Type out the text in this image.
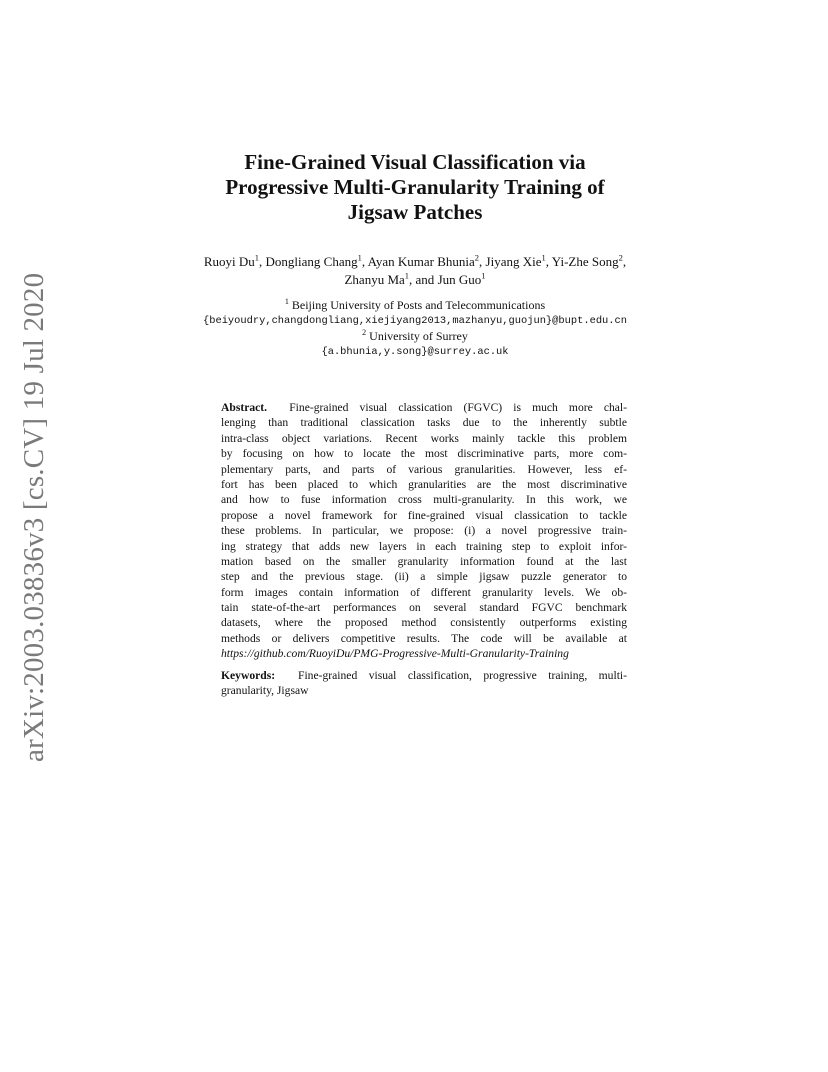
arXiv:2003.03836v3 [cs.CV] 19 Jul 2020
Fine-Grained Visual Classification via
Progressive Multi-Granularity Training of
Jigsaw Patches
Ruoyi Du$^1$, Dongliang Chang$^1$, Ayan Kumar Bhunia$^2$, Jiyang Xie$^1$, Yi-Zhe Song$^2$, Zhanyu Ma$^1$, and Jun Guo$^1$
$^1$ Beijing University of Posts and Telecommunications
{beiyoudry,changdongliang,xiejiyang2013,mazhanyu,guojun}@bupt.edu.cn
$^2$ University of Surrey
{a.bhunia,y.song}@surrey.ac.uk
Abstract. Fine-grained visual classication (FGVC) is much more chal-
lenging than traditional classication tasks due to the inherently subtle
intra-class object variations. Recent works mainly tackle this problem
by focusing on how to locate the most discriminative parts, more com-
plementary parts, and parts of various granularities. However, less ef-
fort has been placed to which granularities are the most discriminative
and how to fuse information cross multi-granularity. In this work, we
propose a novel framework for fine-grained visual classication to tackle
these problems. In particular, we propose: (i) a novel progressive train-
ing strategy that adds new layers in each training step to exploit infor-
mation based on the smaller granularity information found at the last
step and the previous stage. (ii) a simple jigsaw puzzle generator to
form images contain information of different granularity levels. We ob-
tain state-of-the-art performances on several standard FGVC benchmark
datasets, where the proposed method consistently outperforms existing
methods or delivers competitive results. The code will be available at
https://github.com/RuoyiDu/PMG-Progressive-Multi-Granularity-Training
Keywords: Fine-grained visual classification, progressive training, multi-
granularity, Jigsaw
